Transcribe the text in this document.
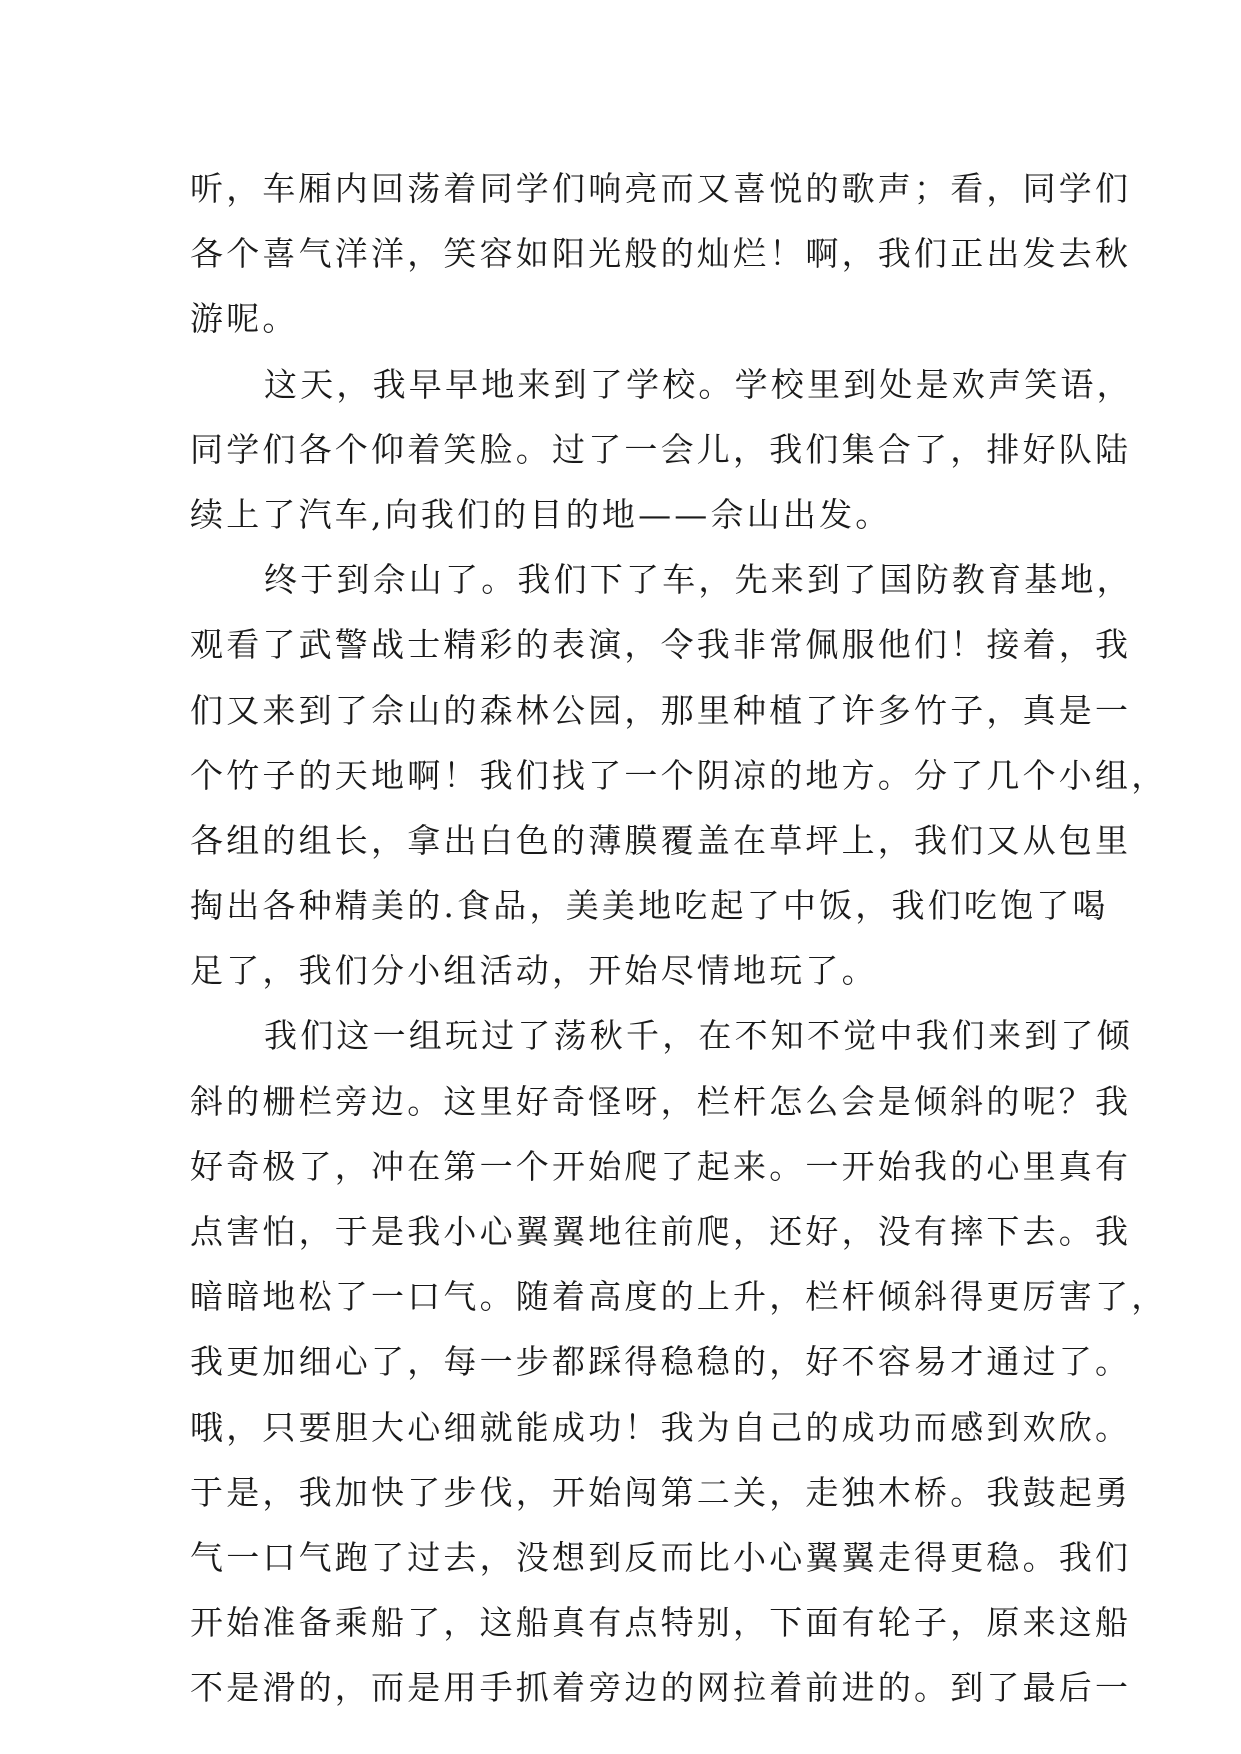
听，车厢内回荡着同学们响亮而又喜悦的歌声；看，同学们
各个喜气洋洋，笑容如阳光般的灿烂！啊，我们正出发去秋
游呢。
这天，我早早地来到了学校。学校里到处是欢声笑语，
同学们各个仰着笑脸。过了一会儿，我们集合了，排好队陆
续上了汽车,向我们的目的地——佘山出发。
终于到佘山了。我们下了车，先来到了国防教育基地，
观看了武警战士精彩的表演，令我非常佩服他们！接着，我
们又来到了佘山的森林公园，那里种植了许多竹子，真是一
个竹子的天地啊！我们找了一个阴凉的地方。分了几个小组，
各组的组长，拿出白色的薄膜覆盖在草坪上，我们又从包里
掏出各种精美的.食品，美美地吃起了中饭，我们吃饱了喝
足了，我们分小组活动，开始尽情地玩了。
我们这一组玩过了荡秋千，在不知不觉中我们来到了倾
斜的栅栏旁边。这里好奇怪呀，栏杆怎么会是倾斜的呢？我
好奇极了，冲在第一个开始爬了起来。一开始我的心里真有
点害怕，于是我小心翼翼地往前爬，还好，没有摔下去。我
暗暗地松了一口气。随着高度的上升，栏杆倾斜得更厉害了，
我更加细心了，每一步都踩得稳稳的，好不容易才通过了。
哦，只要胆大心细就能成功！我为自己的成功而感到欢欣。
于是，我加快了步伐，开始闯第二关，走独木桥。我鼓起勇
气一口气跑了过去，没想到反而比小心翼翼走得更稳。我们
开始准备乘船了，这船真有点特别，下面有轮子，原来这船
不是滑的，而是用手抓着旁边的网拉着前进的。到了最后一
